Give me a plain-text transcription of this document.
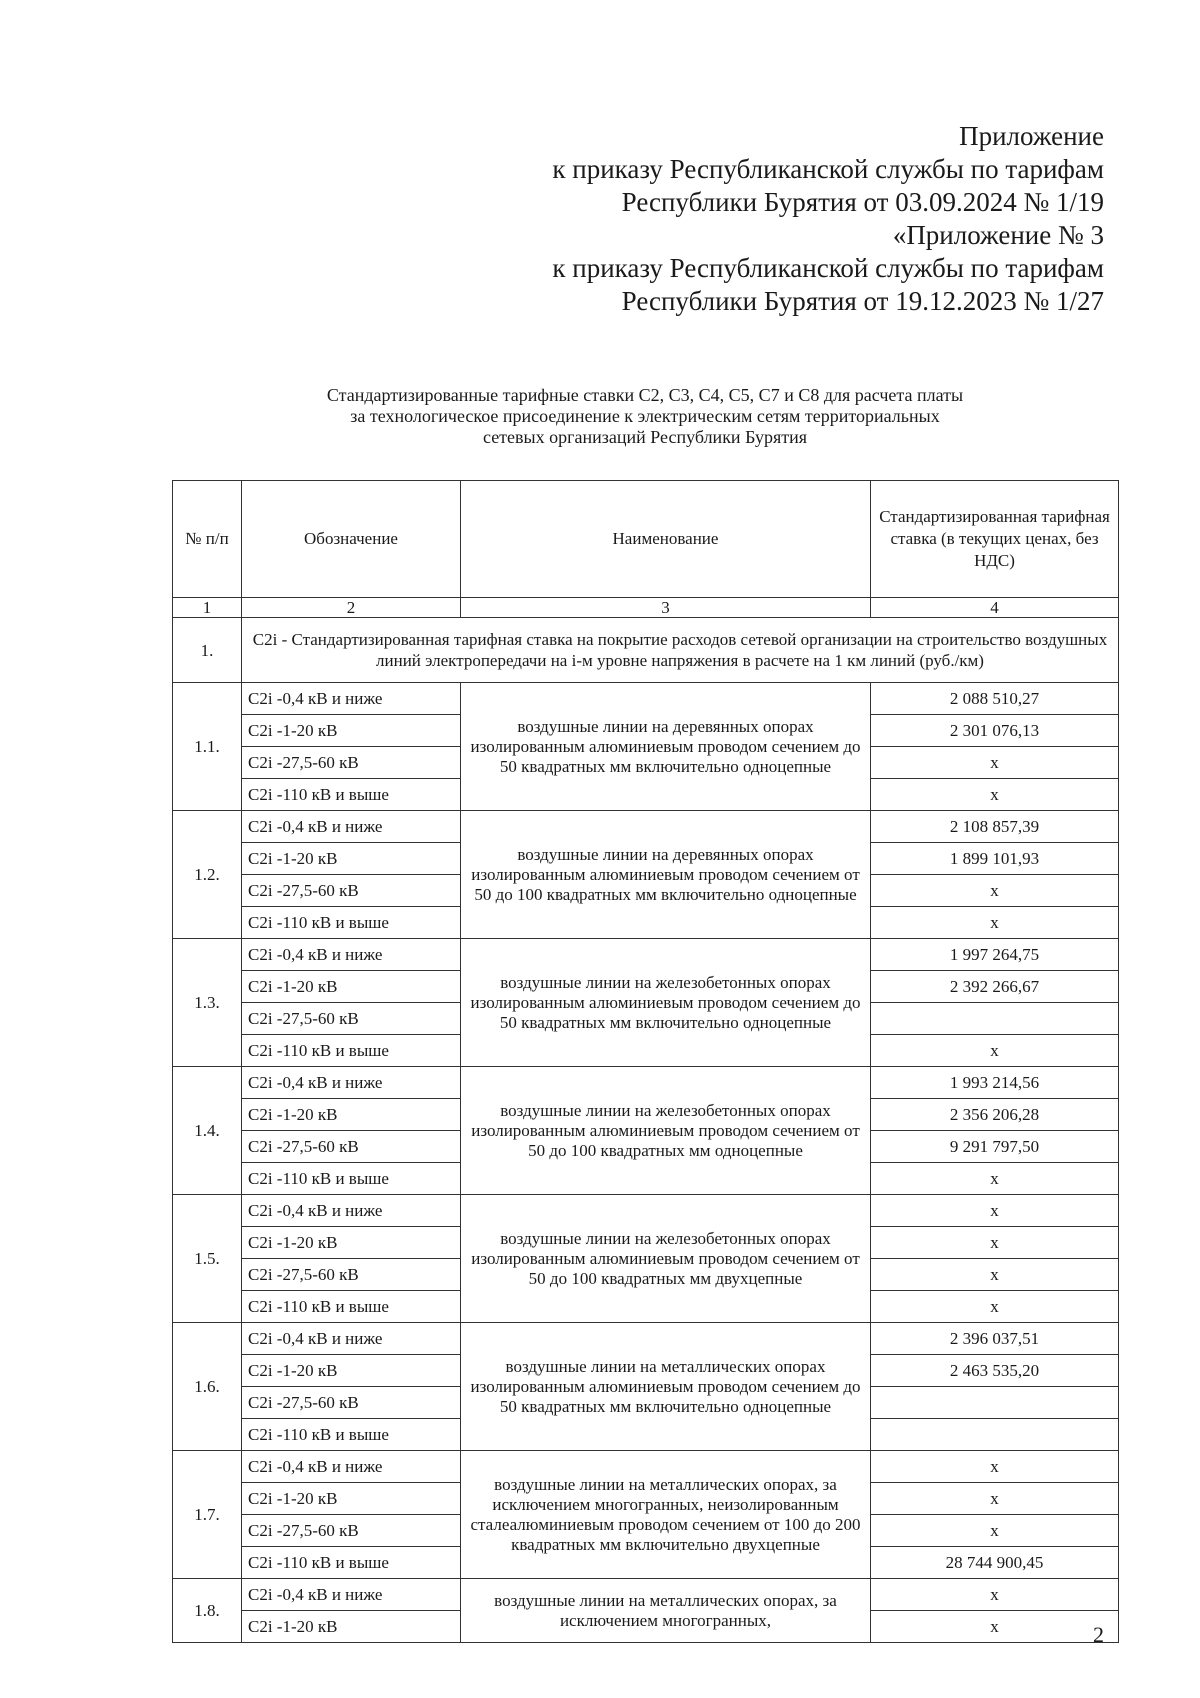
Приложение
к приказу Республиканской службы по тарифам
Республики Бурятия от 03.09.2024 № 1/19
«Приложение № 3
к приказу Республиканской службы по тарифам
Республики Бурятия от 19.12.2023 № 1/27
Стандартизированные тарифные ставки С2, С3, С4, С5, С7 и С8 для расчета платы
за технологическое присоединение к электрическим сетям территориальных
сетевых организаций Республики Бурятия
№ п/п	Обозначение	Наименование	Стандартизированная тарифная ставка (в текущих ценах, без НДС)
1	2	3	4
1.	С2i - Стандартизированная тарифная ставка на покрытие расходов сетевой организации на строительство воздушных линий электропередачи на i-м уровне напряжения в расчете на 1 км линий (руб./км)		
1.1.	С2i -0,4 кВ и ниже	воздушные линии на деревянных опорах изолированным алюминиевым проводом сечением до 50 квадратных мм включительно одноцепные	2 088 510,27
	С2i -1-20 кВ		2 301 076,13
	С2i -27,5-60 кВ		х
	С2i -110 кВ и выше		х
1.2.	С2i -0,4 кВ и ниже	воздушные линии на деревянных опорах изолированным алюминиевым проводом сечением от 50 до 100 квадратных мм включительно одноцепные	2 108 857,39
	С2i -1-20 кВ		1 899 101,93
	С2i -27,5-60 кВ		х
	С2i -110 кВ и выше		х
1.3.	С2i -0,4 кВ и ниже	воздушные линии на железобетонных опорах изолированным алюминиевым проводом сечением до 50 квадратных мм включительно одноцепные	1 997 264,75
	С2i -1-20 кВ		2 392 266,67
	С2i -27,5-60 кВ		
	С2i -110 кВ и выше		х
1.4.	С2i -0,4 кВ и ниже	воздушные линии на железобетонных опорах изолированным алюминиевым проводом сечением от 50 до 100 квадратных мм одноцепные	1 993 214,56
	С2i -1-20 кВ		2 356 206,28
	С2i -27,5-60 кВ		9 291 797,50
	С2i -110 кВ и выше		х
1.5.	С2i -0,4 кВ и ниже	воздушные линии на железобетонных опорах изолированным алюминиевым проводом сечением от 50 до 100 квадратных мм двухцепные	х
	С2i -1-20 кВ		х
	С2i -27,5-60 кВ		х
	С2i -110 кВ и выше		х
1.6.	С2i -0,4 кВ и ниже	воздушные линии на металлических опорах изолированным алюминиевым проводом сечением до 50 квадратных мм включительно одноцепные	2 396 037,51
	С2i -1-20 кВ		2 463 535,20
	С2i -27,5-60 кВ		
	С2i -110 кВ и выше		
1.7.	С2i -0,4 кВ и ниже	воздушные линии на металлических опорах, за исключением многогранных, неизолированным сталеалюминиевым проводом сечением от 100 до 200 квадратных мм включительно двухцепные	х
	С2i -1-20 кВ		х
	С2i -27,5-60 кВ		х
	С2i -110 кВ и выше		28 744 900,45
1.8.	С2i -0,4 кВ и ниже	воздушные линии на металлических опорах, за исключением многогранных,	х
	С2i -1-20 кВ		х	2
